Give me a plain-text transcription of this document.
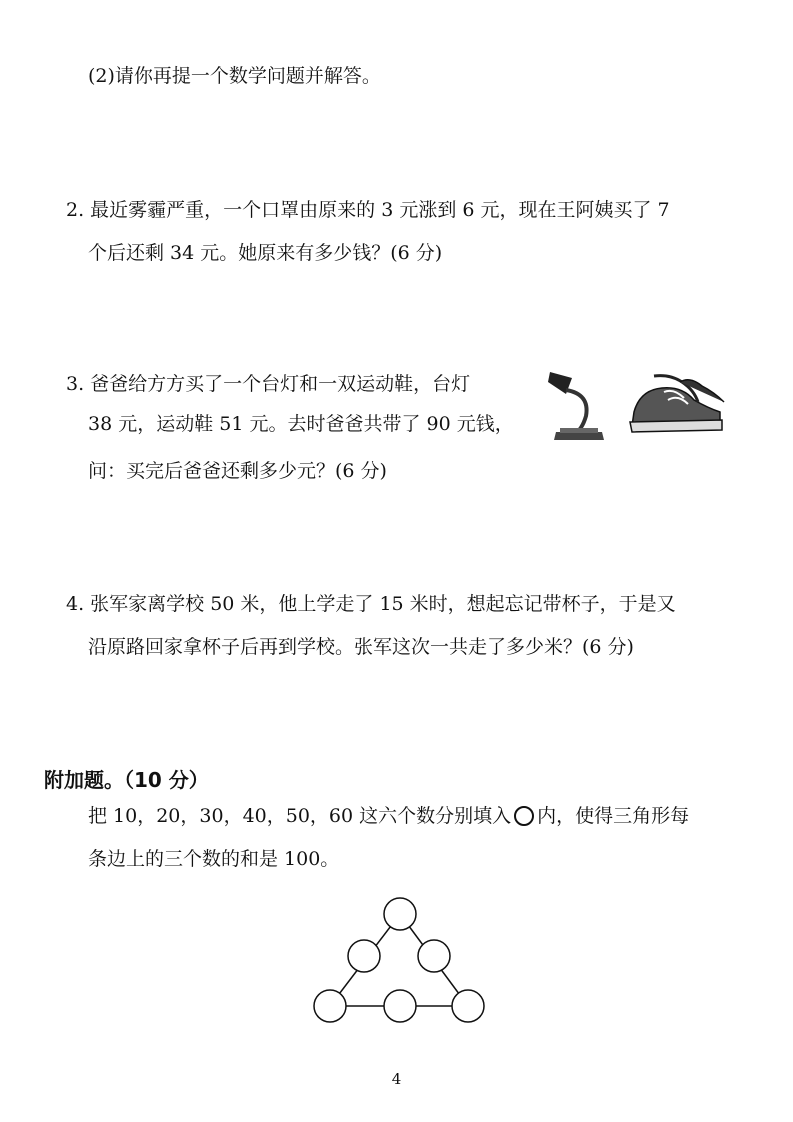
(2)请你再提一个数学问题并解答。
2. 最近雾霾严重，一个口罩由原来的 3 元涨到 6 元，现在王阿姨买了 7
个后还剩 34 元。她原来有多少钱？(6 分)
3. 爸爸给方方买了一个台灯和一双运动鞋，台灯
38 元，运动鞋 51 元。去时爸爸共带了 90 元钱，
问：买完后爸爸还剩多少元？(6 分)
4. 张军家离学校 50 米，他上学走了 15 米时，想起忘记带杯子，于是又
沿原路回家拿杯子后再到学校。张军这次一共走了多少米？(6 分)
附加题。（10 分）
把 10，20，30，40，50，60 这六个数分别填入 内，使得三角形每
条边上的三个数的和是 100。
4
